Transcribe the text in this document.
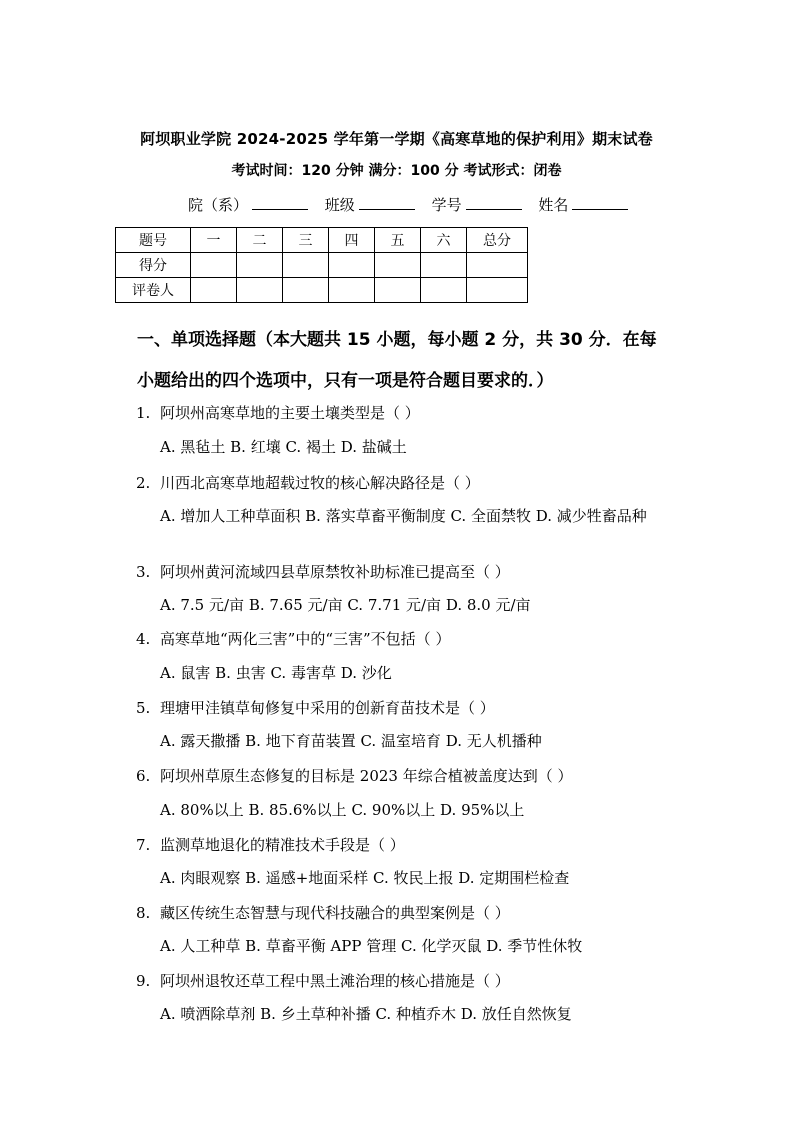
阿坝职业学院 2024-2025 学年第一学期《高寒草地的保护利用》期末试卷
考试时间：120 分钟 满分：100 分 考试形式：闭卷
院（系）	班级	学号	姓名
题号	一	二	三	四	五	六	总分
得分							
评卷人							
一、单项选择题（本大题共 15 小题，每小题 2 分，共 30 分．在每
小题给出的四个选项中，只有一项是符合题目要求的．）
1. 阿坝州高寒草地的主要土壤类型是（ ）
A. 黑毡土 B. 红壤 C. 褐土 D. 盐碱土
2. 川西北高寒草地超载过牧的核心解决路径是（ ）
A. 增加人工种草面积 B. 落实草畜平衡制度 C. 全面禁牧 D. 减少牲畜品种
3. 阿坝州黄河流域四县草原禁牧补助标准已提高至（ ）
A. 7.5 元/亩 B. 7.65 元/亩 C. 7.71 元/亩 D. 8.0 元/亩
4. 高寒草地“两化三害”中的“三害”不包括（ ）
A. 鼠害 B. 虫害 C. 毒害草 D. 沙化
5. 理塘甲洼镇草甸修复中采用的创新育苗技术是（ ）
A. 露天撒播 B. 地下育苗装置 C. 温室培育 D. 无人机播种
6. 阿坝州草原生态修复的目标是 2023 年综合植被盖度达到（ ）
A. 80%以上 B. 85.6%以上 C. 90%以上 D. 95%以上
7. 监测草地退化的精准技术手段是（ ）
A. 肉眼观察 B. 遥感+地面采样 C. 牧民上报 D. 定期围栏检查
8. 藏区传统生态智慧与现代科技融合的典型案例是（ ）
A. 人工种草 B. 草畜平衡 APP 管理 C. 化学灭鼠 D. 季节性休牧
9. 阿坝州退牧还草工程中黑土滩治理的核心措施是（ ）
A. 喷洒除草剂 B. 乡土草种补播 C. 种植乔木 D. 放任自然恢复
